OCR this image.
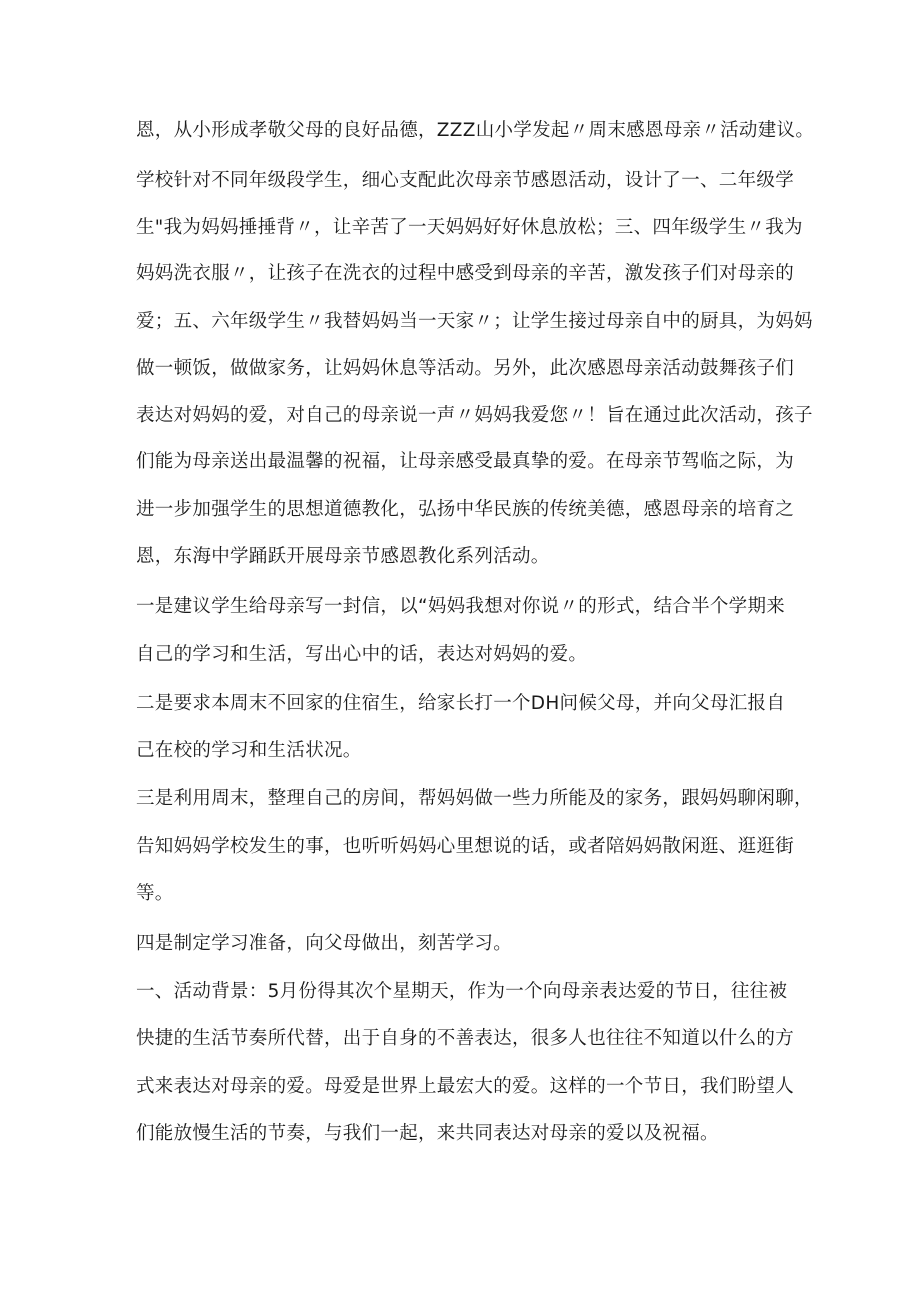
恩，从小形成孝敬父母的良好品德，ZZZ山小学发起〃周末感恩母亲〃活动建议。
学校针对不同年级段学生，细心支配此次母亲节感恩活动，设计了一、二年级学
生"我为妈妈捶捶背〃，让辛苦了一天妈妈好好休息放松；三、四年级学生〃我为
妈妈洗衣服〃，让孩子在洗衣的过程中感受到母亲的辛苦，激发孩子们对母亲的
爱；五、六年级学生〃我替妈妈当一天家〃；让学生接过母亲自中的厨具，为妈妈
做一顿饭，做做家务，让妈妈休息等活动。另外，此次感恩母亲活动鼓舞孩子们
表达对妈妈的爱，对自己的母亲说一声〃妈妈我爱您〃！旨在通过此次活动，孩子
们能为母亲送出最温馨的祝福，让母亲感受最真挚的爱。在母亲节驾临之际，为
进一步加强学生的思想道德教化，弘扬中华民族的传统美德，感恩母亲的培育之
恩，东海中学踊跃开展母亲节感恩教化系列活动。
一是建议学生给母亲写一封信，以“妈妈我想对你说〃的形式，结合半个学期来
自己的学习和生活，写出心中的话，表达对妈妈的爱。
二是要求本周末不回家的住宿生，给家长打一个DH问候父母，并向父母汇报自
己在校的学习和生活状况。
三是利用周末，整理自己的房间，帮妈妈做一些力所能及的家务，跟妈妈聊闲聊，
告知妈妈学校发生的事，也听听妈妈心里想说的话，或者陪妈妈散闲逛、逛逛街
等。
四是制定学习准备，向父母做出，刻苦学习。
一、活动背景：5月份得其次个星期天，作为一个向母亲表达爱的节日，往往被
快捷的生活节奏所代替，出于自身的不善表达，很多人也往往不知道以什么的方
式来表达对母亲的爱。母爱是世界上最宏大的爱。这样的一个节日，我们盼望人
们能放慢生活的节奏，与我们一起，来共同表达对母亲的爱以及祝福。
